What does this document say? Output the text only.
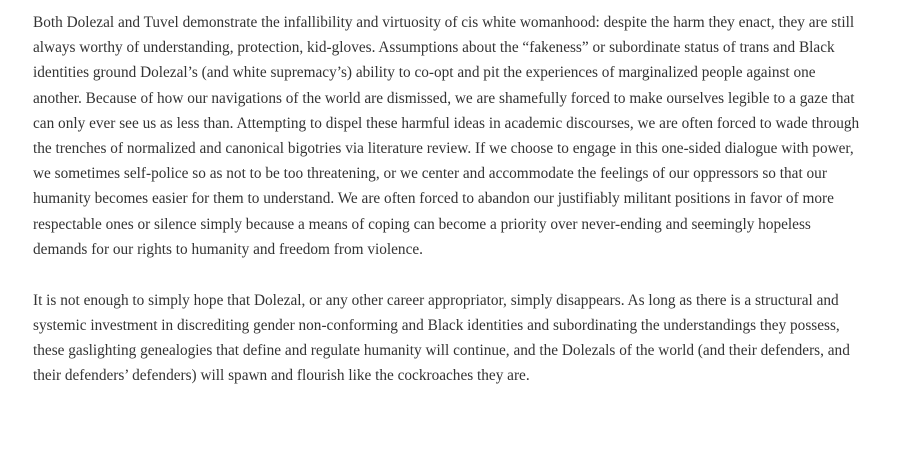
Both Dolezal and Tuvel demonstrate the infallibility and virtuosity of cis white womanhood: despite the harm they enact, they are still always worthy of understanding, protection, kid-gloves. Assumptions about the “fakeness” or subordinate status of trans and Black identities ground Dolezal’s (and white supremacy’s) ability to co-opt and pit the experiences of marginalized people against one another. Because of how our navigations of the world are dismissed, we are shamefully forced to make ourselves legible to a gaze that can only ever see us as less than. Attempting to dispel these harmful ideas in academic discourses, we are often forced to wade through the trenches of normalized and canonical bigotries via literature review. If we choose to engage in this one-sided dialogue with power, we sometimes self-police so as not to be too threatening, or we center and accommodate the feelings of our oppressors so that our humanity becomes easier for them to understand. We are often forced to abandon our justifiably militant positions in favor of more respectable ones or silence simply because a means of coping can become a priority over never-ending and seemingly hopeless demands for our rights to humanity and freedom from violence.

It is not enough to simply hope that Dolezal, or any other career appropriator, simply disappears. As long as there is a structural and systemic investment in discrediting gender non-conforming and Black identities and subordinating the understandings they possess, these gaslighting genealogies that define and regulate humanity will continue, and the Dolezals of the world (and their defenders, and their defenders’ defenders) will spawn and flourish like the cockroaches they are.
